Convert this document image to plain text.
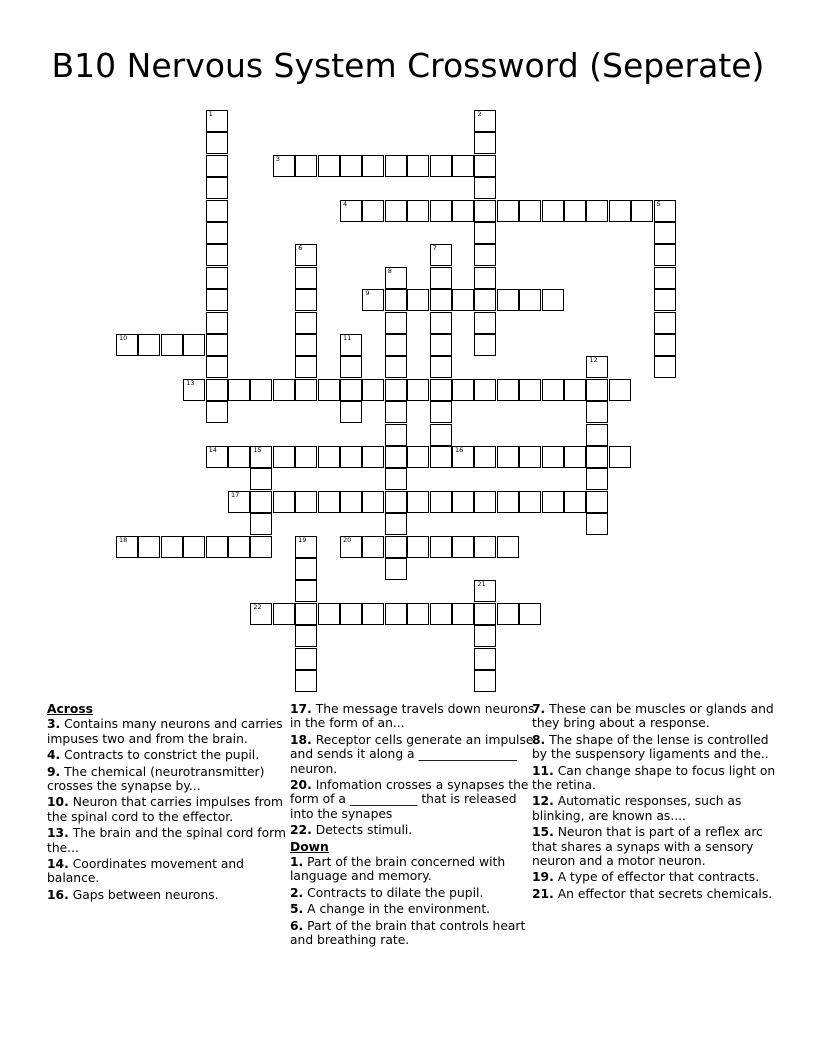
B10 Nervous System Crossword (Seperate)
1	2
3
4	5
6	7
8
9
10	11
12
13
14	15	16
17
18	19	20
21
22
Across
3. Contains many neurons and carries impuses two and from the brain.
4. Contracts to constrict the pupil.
9. The chemical (neurotransmitter) crosses the synapse by...
10. Neuron that carries impulses from the spinal cord to the effector.
13. The brain and the spinal cord form the...
14. Coordinates movement and balance.
16. Gaps between neurons.
17. The message travels down neurons in the form of an...
18. Receptor cells generate an impulse and sends it along a ________________ neuron.
20. Infomation crosses a synapses the form of a ___________ that is released into the synapes
22. Detects stimuli.
Down
1. Part of the brain concerned with language and memory.
2. Contracts to dilate the pupil.
5. A change in the environment.
6. Part of the brain that controls heart and breathing rate.
7. These can be muscles or glands and they bring about a response.
8. The shape of the lense is controlled by the suspensory ligaments and the..
11. Can change shape to focus light on the retina.
12. Automatic responses, such as blinking, are known as....
15. Neuron that is part of a reflex arc that shares a synaps with a sensory neuron and a motor neuron.
19. A type of effector that contracts.
21. An effector that secrets chemicals.
